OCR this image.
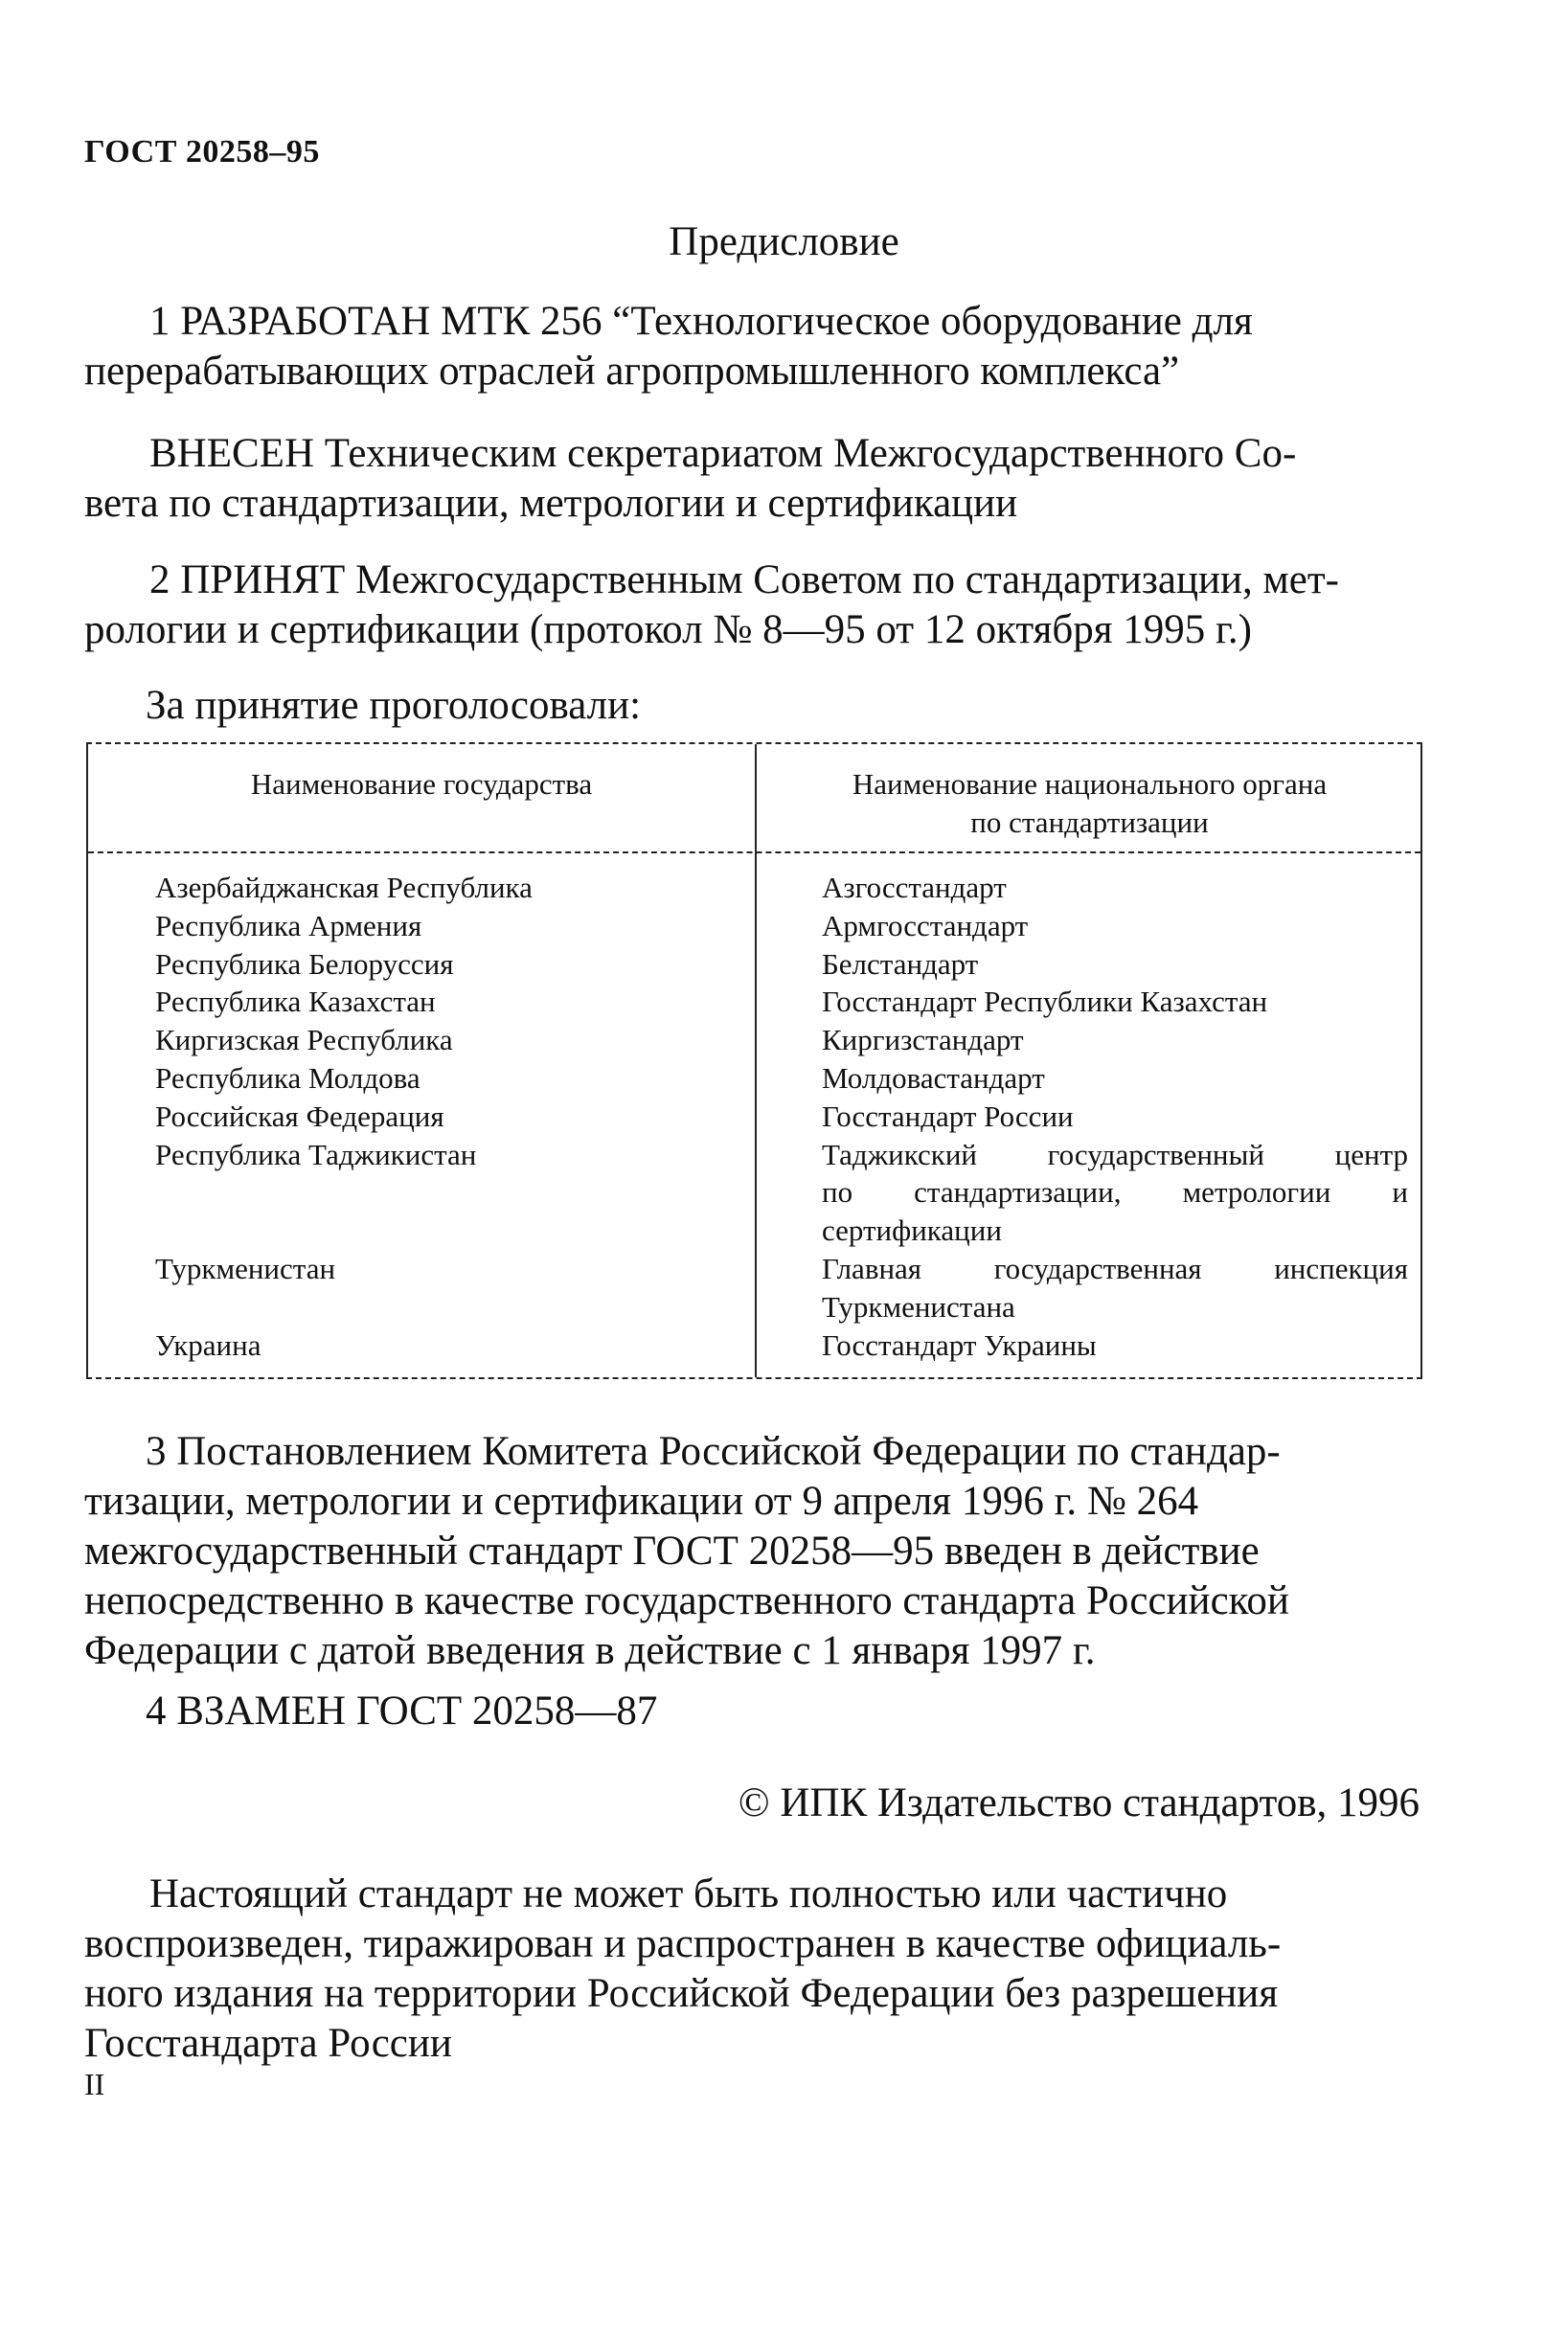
ГОСТ 20258–95
Предисловие
1 РАЗРАБОТАН МТК 256 “Технологическое оборудование для
перерабатывающих отраслей агропромышленного комплекса”
ВНЕСЕН Техническим секретариатом Межгосударственного Со-
вета по стандартизации, метрологии и сертификации
2 ПРИНЯТ Межгосударственным Советом по стандартизации, мет-
рологии и сертификации (протокол № 8—95 от 12 октября 1995 г.)
За принятие проголосовали:
Наименование государства	Наименование национального органа
по стандартизации
Азербайджанская Республика
Республика Армения
Республика Белоруссия
Республика Казахстан
Киргизская Республика
Республика Молдова
Российская Федерация
Республика Таджикистан

Туркменистан

Украина
Азгосстандарт
Армгосстандарт
Белстандарт
Госстандарт Республики Казахстан
Киргизстандарт
Молдовастандарт
Госстандарт России
Таджикский государственный центр
по стандартизации, метрологии и
сертификации
Главная государственная инспекция
Туркменистана
Госстандарт Украины
3 Постановлением Комитета Российской Федерации по стандар-
тизации, метрологии и сертификации от 9 апреля 1996 г. № 264
межгосударственный стандарт ГОСТ 20258—95 введен в действие
непосредственно в качестве государственного стандарта Российской
Федерации с датой введения в действие с 1 января 1997 г.
4 ВЗАМЕН ГОСТ 20258—87
© ИПК Издательство стандартов, 1996
Настоящий стандарт не может быть полностью или частично
воспроизведен, тиражирован и распространен в качестве официаль-
ного издания на территории Российской Федерации без разрешения
Госстандарта России
II
